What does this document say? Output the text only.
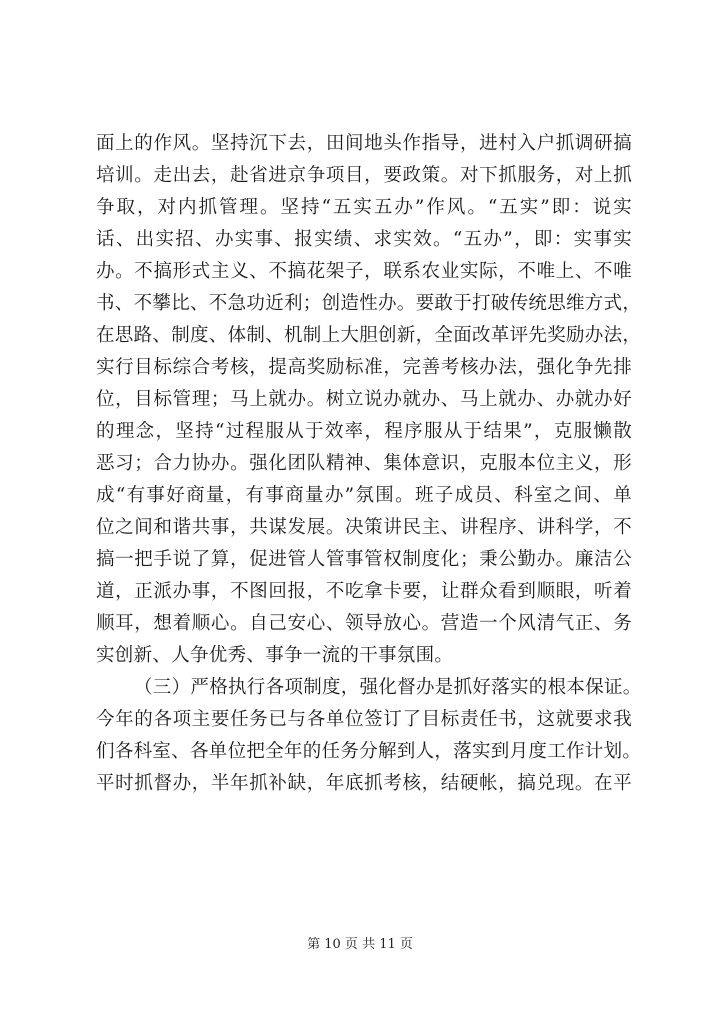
面上的作风。坚持沉下去，田间地头作指导，进村入户抓调研搞
培训。走出去，赴省进京争项目，要政策。对下抓服务，对上抓
争取，对内抓管理。坚持“五实五办”作风。“五实”即：说实
话、出实招、办实事、报实绩、求实效。“五办”，即：实事实
办。不搞形式主义、不搞花架子，联系农业实际，不唯上、不唯
书、不攀比、不急功近利；创造性办。要敢于打破传统思维方式，
在思路、制度、体制、机制上大胆创新，全面改革评先奖励办法，
实行目标综合考核，提高奖励标准，完善考核办法，强化争先排
位，目标管理；马上就办。树立说办就办、马上就办、办就办好
的理念，坚持“过程服从于效率，程序服从于结果”，克服懒散
恶习；合力协办。强化团队精神、集体意识，克服本位主义，形
成“有事好商量，有事商量办”氛围。班子成员、科室之间、单
位之间和谐共事，共谋发展。决策讲民主、讲程序、讲科学，不
搞一把手说了算，促进管人管事管权制度化；秉公勤办。廉洁公
道，正派办事，不图回报，不吃拿卡要，让群众看到顺眼，听着
顺耳，想着顺心。自己安心、领导放心。营造一个风清气正、务
实创新、人争优秀、事争一流的干事氛围。
（三）严格执行各项制度，强化督办是抓好落实的根本保证。
今年的各项主要任务已与各单位签订了目标责任书，这就要求我
们各科室、各单位把全年的任务分解到人，落实到月度工作计划。
平时抓督办，半年抓补缺，年底抓考核，结硬帐，搞兑现。在平
第 10 页 共 11 页
